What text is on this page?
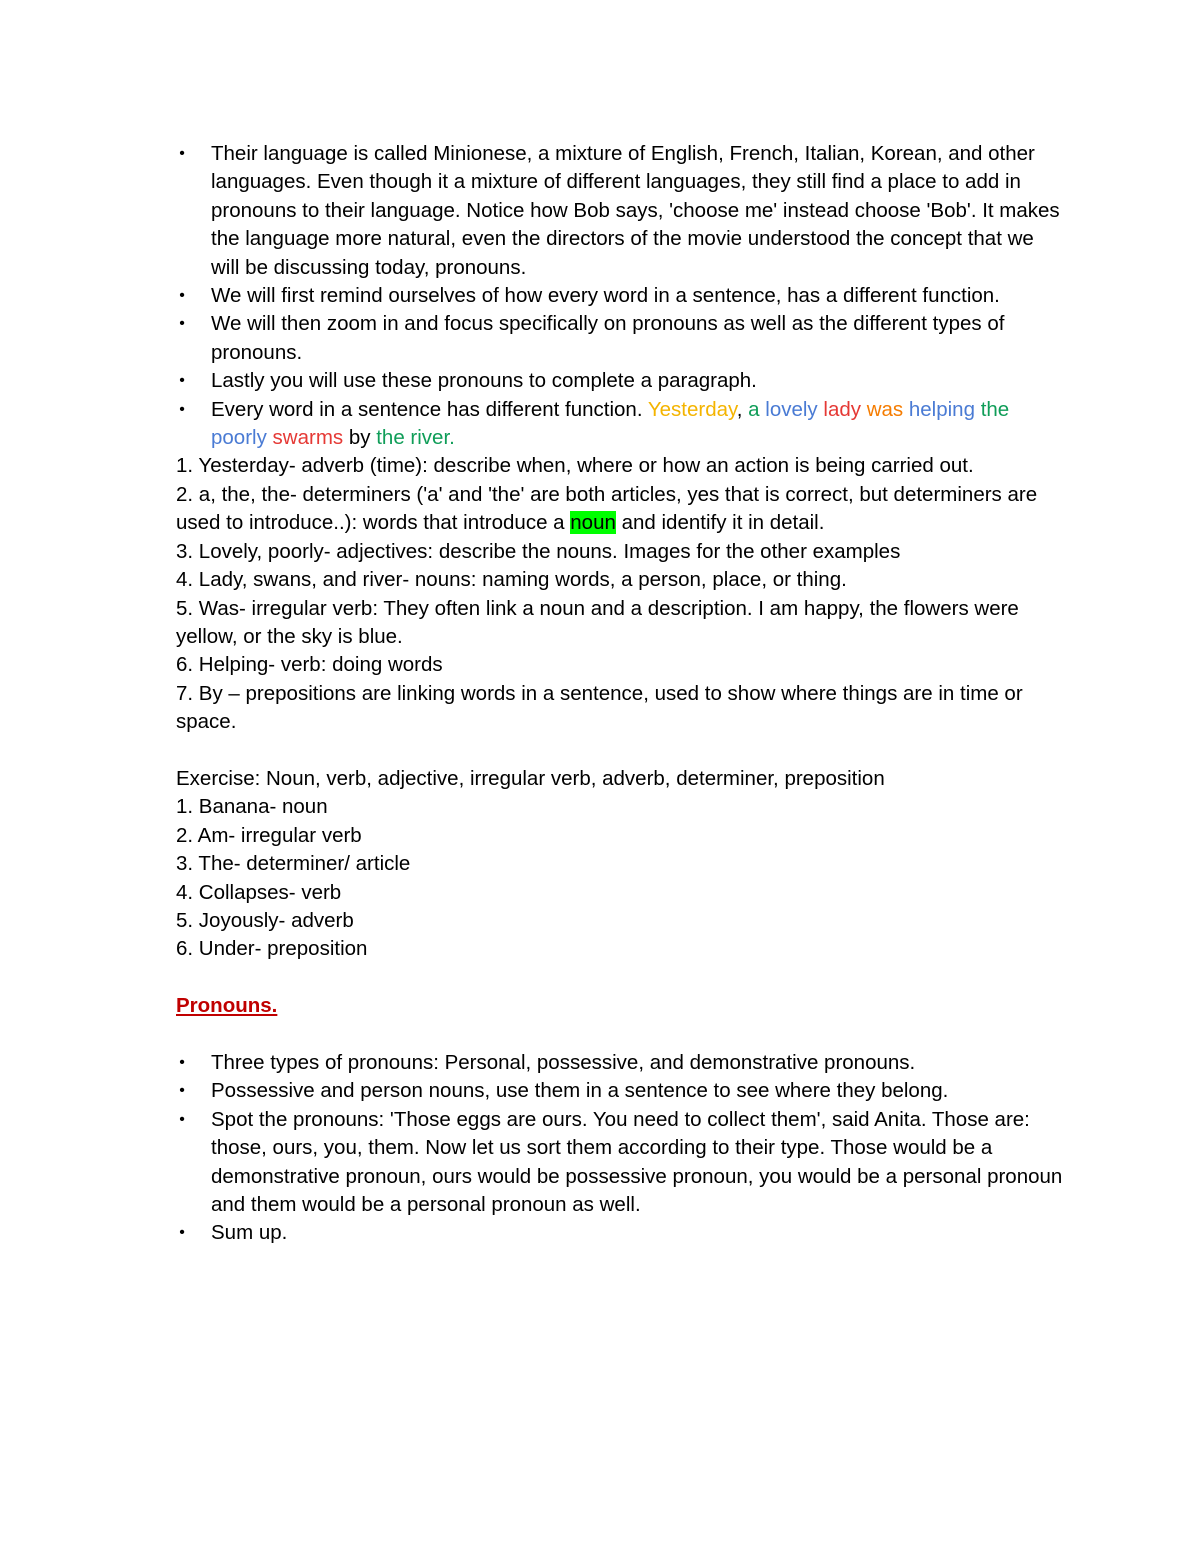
• Their language is called Minionese, a mixture of English, French, Italian, Korean, and other languages. Even though it a mixture of different languages, they still find a place to add in pronouns to their language. Notice how Bob says, 'choose me' instead choose 'Bob'. It makes the language more natural, even the directors of the movie understood the concept that we will be discussing today, pronouns.
• We will first remind ourselves of how every word in a sentence, has a different function.
• We will then zoom in and focus specifically on pronouns as well as the different types of pronouns.
• Lastly you will use these pronouns to complete a paragraph.
• Every word in a sentence has different function. Yesterday, a lovely lady was helping the poorly swarms by the river.

1. Yesterday- adverb (time): describe when, where or how an action is being carried out.

2. a, the, the- determiners ('a' and 'the' are both articles, yes that is correct, but determiners are used to introduce..): words that introduce a noun and identify it in detail.

3. Lovely, poorly- adjectives: describe the nouns. Images for the other examples

4. Lady, swans, and river- nouns: naming words, a person, place, or thing.

5. Was- irregular verb: They often link a noun and a description. I am happy, the flowers were yellow, or the sky is blue.

6. Helping- verb: doing words

7. By – prepositions are linking words in a sentence, used to show where things are in time or space.

Exercise: Noun, verb, adjective, irregular verb, adverb, determiner, preposition

1. Banana- noun

2. Am- irregular verb

3. The- determiner/ article

4. Collapses- verb

5. Joyously- adverb

6. Under- preposition

Pronouns.

• Three types of pronouns: Personal, possessive, and demonstrative pronouns.
• Possessive and person nouns, use them in a sentence to see where they belong.
• Spot the pronouns: 'Those eggs are ours. You need to collect them', said Anita. Those are: those, ours, you, them. Now let us sort them according to their type. Those would be a demonstrative pronoun, ours would be possessive pronoun, you would be a personal pronoun and them would be a personal pronoun as well.
• Sum up.
